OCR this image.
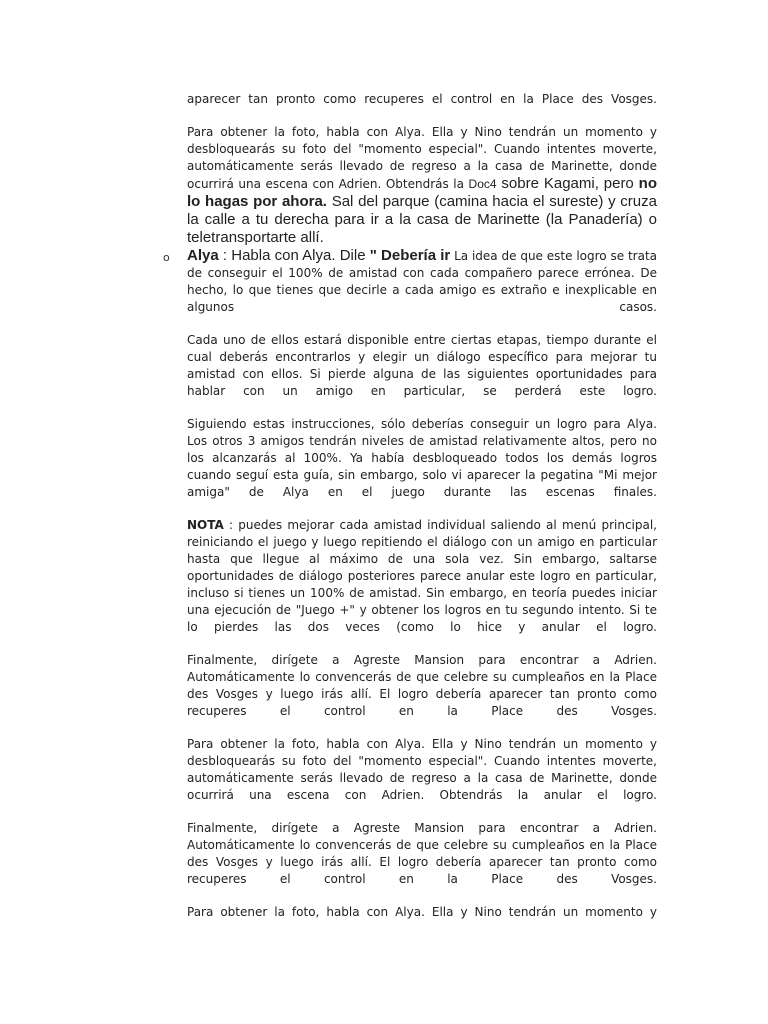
aparecer tan pronto como recuperes el control en la Place des Vosges.

Para obtener la foto, habla con Alya. Ella y Nino tendrán un momento y desbloquearás su foto del "momento especial". Cuando intentes moverte, automáticamente serás llevado de regreso a la casa de Marinette, donde ocurrirá una escena con Adrien. Obtendrás la Doc4 sobre Kagami, pero no lo hagas por ahora. Sal del parque (camina hacia el sureste) y cruza la calle a tu derecha para ir a la casa de Marinette (la Panadería) o teletransportarte allí.

o Alya : Habla con Alya. Dile " Debería ir La idea de que este logro se trata de conseguir el 100% de amistad con cada compañero parece errónea. De hecho, lo que tienes que decirle a cada amigo es extraño e inexplicable en algunos casos.

Cada uno de ellos estará disponible entre ciertas etapas, tiempo durante el cual deberás encontrarlos y elegir un diálogo específico para mejorar tu amistad con ellos. Si pierde alguna de las siguientes oportunidades para hablar con un amigo en particular, se perderá este logro.

Siguiendo estas instrucciones, sólo deberías conseguir un logro para Alya. Los otros 3 amigos tendrán niveles de amistad relativamente altos, pero no los alcanzarás al 100%. Ya había desbloqueado todos los demás logros cuando seguí esta guía, sin embargo, solo vi aparecer la pegatina "Mi mejor amiga" de Alya en el juego durante las escenas finales.

NOTA : puedes mejorar cada amistad individual saliendo al menú principal, reiniciando el juego y luego repitiendo el diálogo con un amigo en particular hasta que llegue al máximo de una sola vez. Sin embargo, saltarse oportunidades de diálogo posteriores parece anular este logro en particular, incluso si tienes un 100% de amistad. Sin embargo, en teoría puedes iniciar una ejecución de "Juego +" y obtener los logros en tu segundo intento. Si te lo pierdes las dos veces (como lo hice y anular el logro.

Finalmente, dirígete a Agreste Mansion para encontrar a Adrien. Automáticamente lo convencerás de que celebre su cumpleaños en la Place des Vosges y luego irás allí. El logro debería aparecer tan pronto como recuperes el control en la Place des Vosges.

Para obtener la foto, habla con Alya. Ella y Nino tendrán un momento y desbloquearás su foto del "momento especial". Cuando intentes moverte, automáticamente serás llevado de regreso a la casa de Marinette, donde ocurrirá una escena con Adrien. Obtendrás la anular el logro.

Finalmente, dirígete a Agreste Mansion para encontrar a Adrien. Automáticamente lo convencerás de que celebre su cumpleaños en la Place des Vosges y luego irás allí. El logro debería aparecer tan pronto como recuperes el control en la Place des Vosges.

Para obtener la foto, habla con Alya. Ella y Nino tendrán un momento y
